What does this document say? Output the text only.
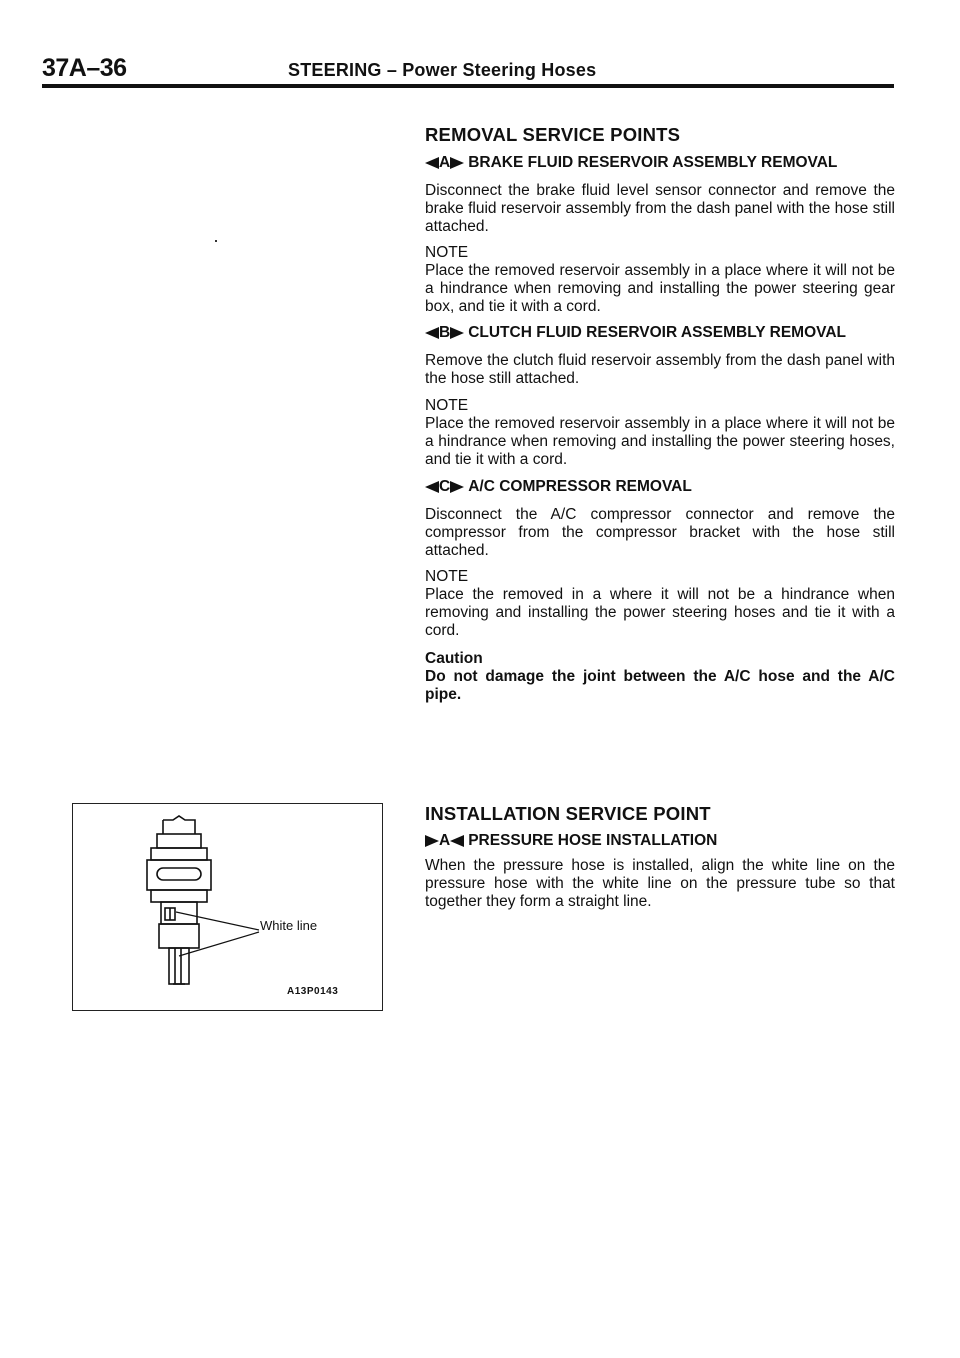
37A–36	STEERING – Power Steering Hoses
REMOVAL SERVICE POINTS
A BRAKE FLUID RESERVOIR ASSEMBLY REMOVAL
Disconnect the brake fluid level sensor connector and remove the brake fluid reservoir assembly from the dash panel with the hose still attached.
NOTE
Place the removed reservoir assembly in a place where it will not be a hindrance when removing and installing the power steering gear box, and tie it with a cord.
B CLUTCH FLUID RESERVOIR ASSEMBLY REMOVAL
Remove the clutch fluid reservoir assembly from the dash panel with the hose still attached.
NOTE
Place the removed reservoir assembly in a place where it will not be a hindrance when removing and installing the power steering hoses, and tie it with a cord.
C A/C COMPRESSOR REMOVAL
Disconnect the A/C compressor connector and remove the compressor from the compressor bracket with the hose still attached.
NOTE
Place the removed in a where it will not be a hindrance when removing and installing the power steering hoses and tie it with a cord.
Caution
Do not damage the joint between the A/C hose and the A/C pipe.
INSTALLATION SERVICE POINT
A PRESSURE HOSE INSTALLATION
When the pressure hose is installed, align the white line on the pressure hose with the white line on the pressure tube so that together they form a straight line.
White line
A13P0143
